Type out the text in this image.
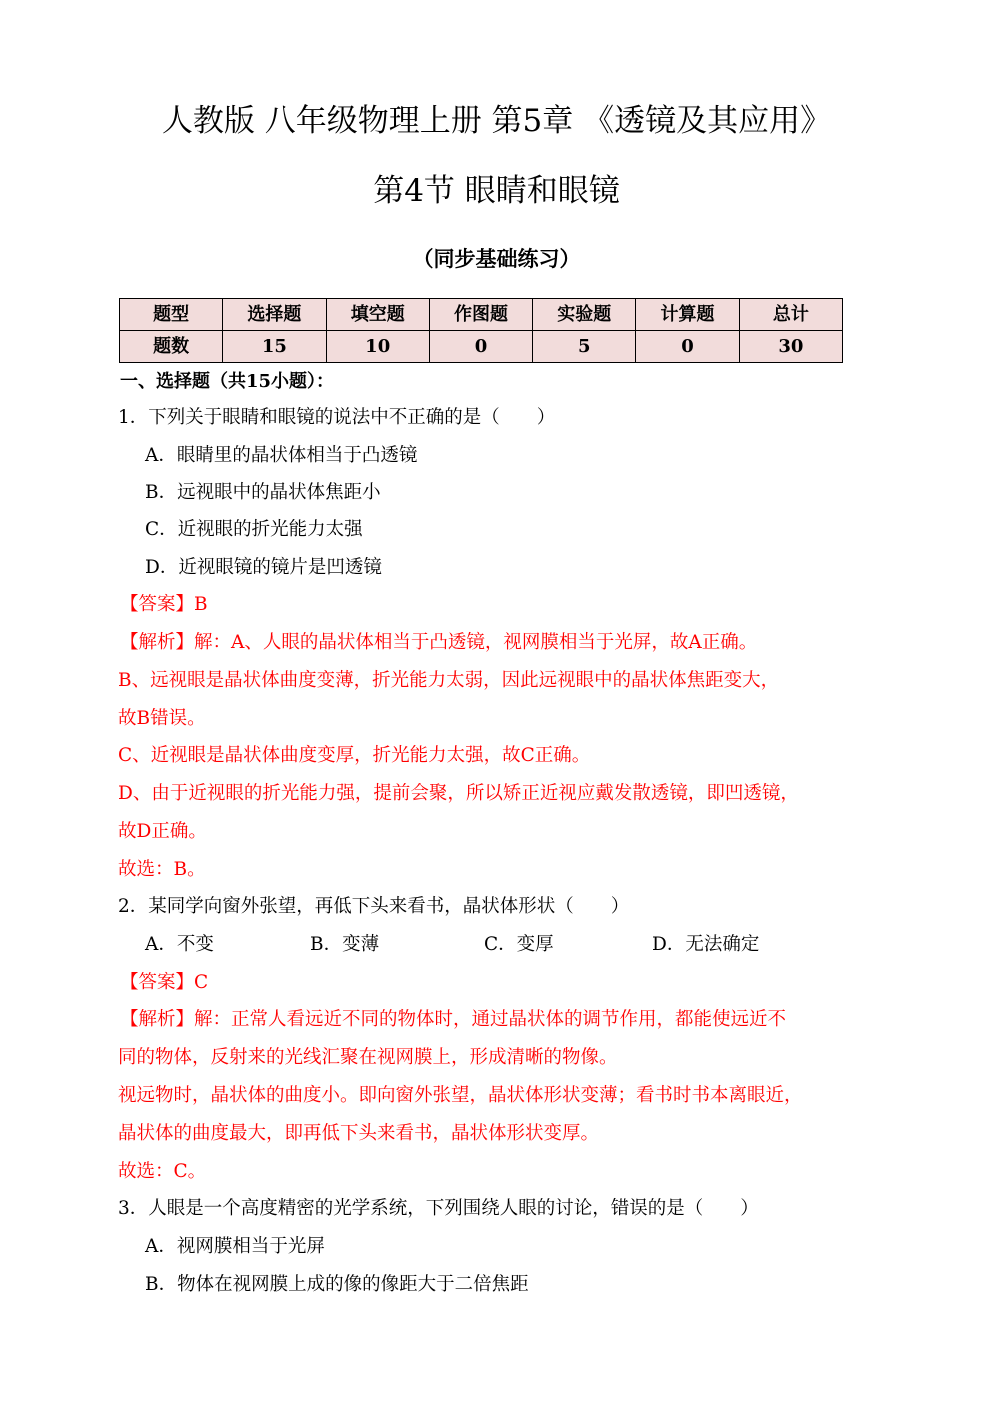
人教版 八年级物理上册 第5章 《透镜及其应用》
第4节 眼睛和眼镜
（同步基础练习）
题型	选择题	填空题	作图题	实验题	计算题	总计
题数	15	10	0	5	0	30
一、选择题（共15小题）：
1．下列关于眼睛和眼镜的说法中不正确的是（　　）
A．眼睛里的晶状体相当于凸透镜
B．远视眼中的晶状体焦距小
C．近视眼的折光能力太强
D．近视眼镜的镜片是凹透镜
【答案】B
【解析】解：A、人眼的晶状体相当于凸透镜，视网膜相当于光屏，故A正确。
B、远视眼是晶状体曲度变薄，折光能力太弱，因此远视眼中的晶状体焦距变大，
故B错误。
C、近视眼是晶状体曲度变厚，折光能力太强，故C正确。
D、由于近视眼的折光能力强，提前会聚，所以矫正近视应戴发散透镜，即凹透镜，
故D正确。
故选：B。
2．某同学向窗外张望，再低下头来看书，晶状体形状（　　）
A．不变	B．变薄	C．变厚	D．无法确定
【答案】C
【解析】解：正常人看远近不同的物体时，通过晶状体的调节作用，都能使远近不
同的物体，反射来的光线汇聚在视网膜上，形成清晰的物像。
视远物时，晶状体的曲度小。即向窗外张望，晶状体形状变薄；看书时书本离眼近，
晶状体的曲度最大，即再低下头来看书，晶状体形状变厚。
故选：C。
3．人眼是一个高度精密的光学系统，下列围绕人眼的讨论，错误的是（　　）
A．视网膜相当于光屏
B．物体在视网膜上成的像的像距大于二倍焦距
